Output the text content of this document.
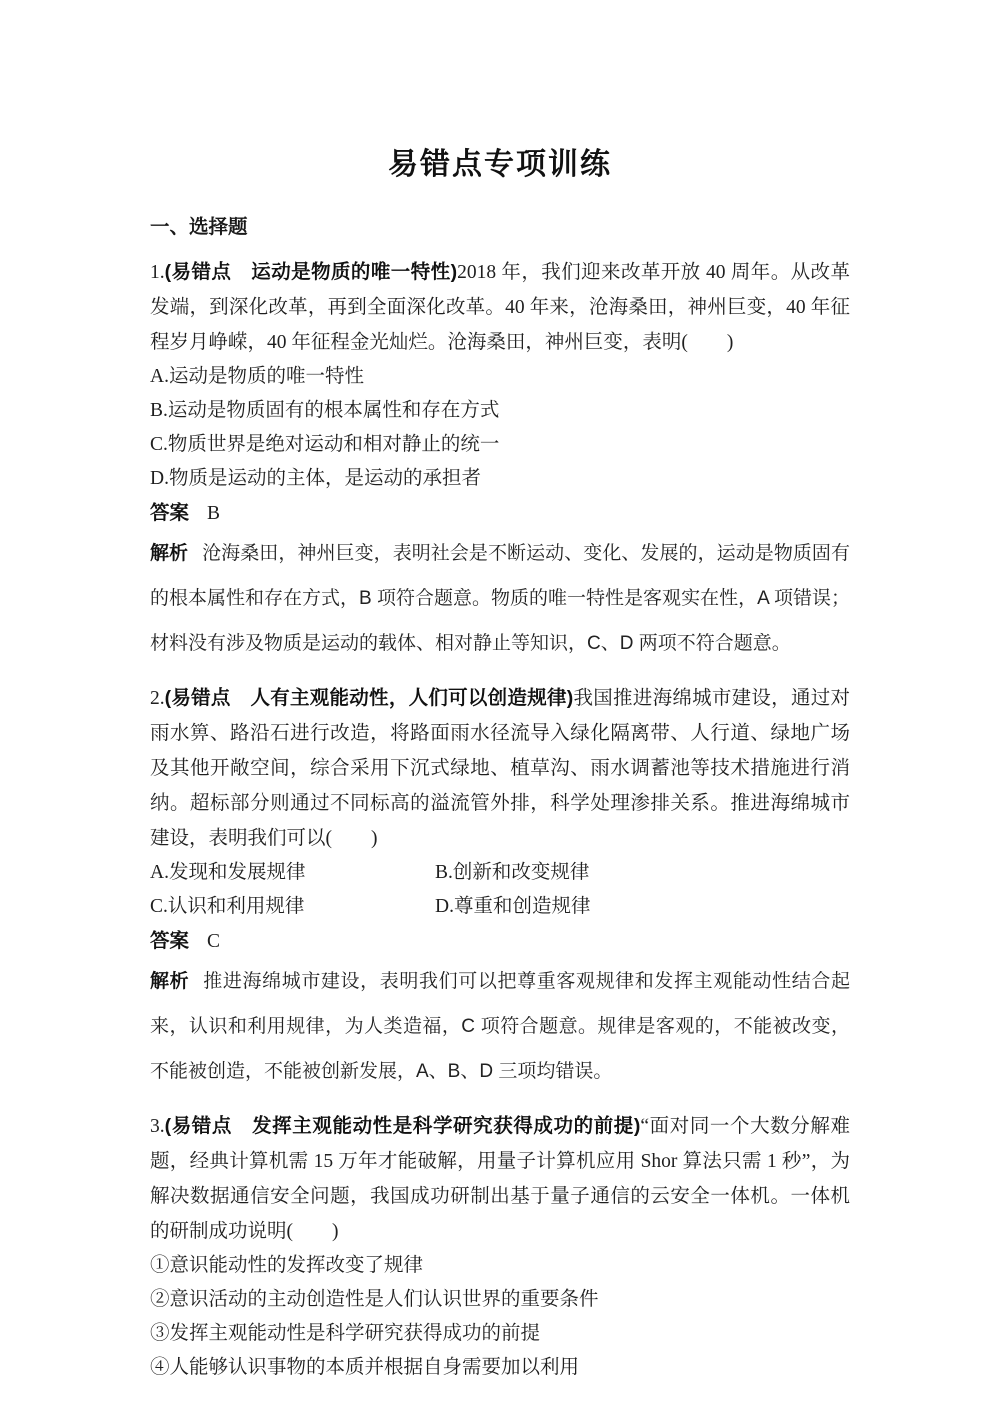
易错点专项训练
一、选择题

1.(易错点　运动是物质的唯一特性)2018 年，我们迎来改革开放 40 周年。从改革发端，到深化改革，再到全面深化改革。40 年来，沧海桑田，神州巨变，40 年征程岁月峥嵘，40 年征程金光灿烂。沧海桑田，神州巨变，表明(　　)

A.运动是物质的唯一特性

B.运动是物质固有的根本属性和存在方式

C.物质世界是绝对运动和相对静止的统一

D.物质是运动的主体，是运动的承担者

答案 B

解析 沧海桑田，神州巨变，表明社会是不断运动、变化、发展的，运动是物质固有的根本属性和存在方式，B 项符合题意。物质的唯一特性是客观实在性，A 项错误；材料没有涉及物质是运动的载体、相对静止等知识，C、D 两项不符合题意。

2.(易错点　人有主观能动性，人们可以创造规律)我国推进海绵城市建设，通过对雨水箅、路沿石进行改造，将路面雨水径流导入绿化隔离带、人行道、绿地广场及其他开敞空间，综合采用下沉式绿地、植草沟、雨水调蓄池等技术措施进行消纳。超标部分则通过不同标高的溢流管外排，科学处理渗排关系。推进海绵城市建设，表明我们可以(　　)

A.发现和发展规律	B.创新和改变规律
C.认识和利用规律	D.尊重和创造规律

答案 C

解析 推进海绵城市建设，表明我们可以把尊重客观规律和发挥主观能动性结合起来，认识和利用规律，为人类造福，C 项符合题意。规律是客观的，不能被改变，不能被创造，不能被创新发展，A、B、D 三项均错误。

3.(易错点　发挥主观能动性是科学研究获得成功的前提)“面对同一个大数分解难题，经典计算机需 15 万年才能破解，用量子计算机应用 Shor 算法只需 1 秒”，为解决数据通信安全问题，我国成功研制出基于量子通信的云安全一体机。一体机的研制成功说明(　　)

①意识能动性的发挥改变了规律

②意识活动的主动创造性是人们认识世界的重要条件

③发挥主观能动性是科学研究获得成功的前提

④人能够认识事物的本质并根据自身需要加以利用
